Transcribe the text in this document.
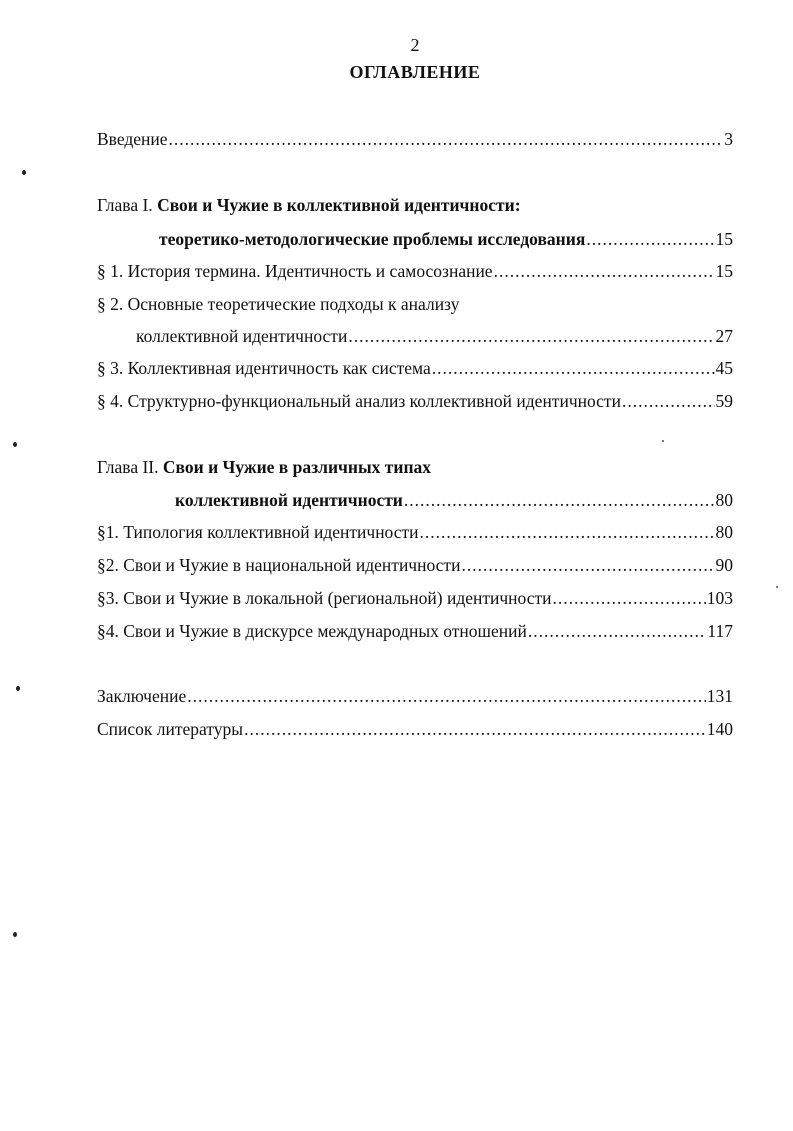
2
ОГЛАВЛЕНИЕ
Введение .....	3
Глава I. Свои и Чужие в коллективной идентичности:
теоретико-методологические проблемы исследования .....	15
§ 1. История термина. Идентичность и самосознание .....	15
§ 2. Основные теоретические подходы к анализу
коллективной идентичности .....	27
§ 3. Коллективная идентичность как система .....	45
§ 4. Структурно-функциональный анализ коллективной идентичности .....	59
Глава II. Свои и Чужие в различных типах
коллективной идентичности .....	80
§1. Типология коллективной идентичности .....	80
§2. Свои и Чужие в национальной идентичности .....	90
§3. Свои и Чужие в локальной (региональной) идентичности .....	103
§4. Свои и Чужие в дискурсе международных отношений .....	117
Заключение .....	131
Список литературы .....	140
